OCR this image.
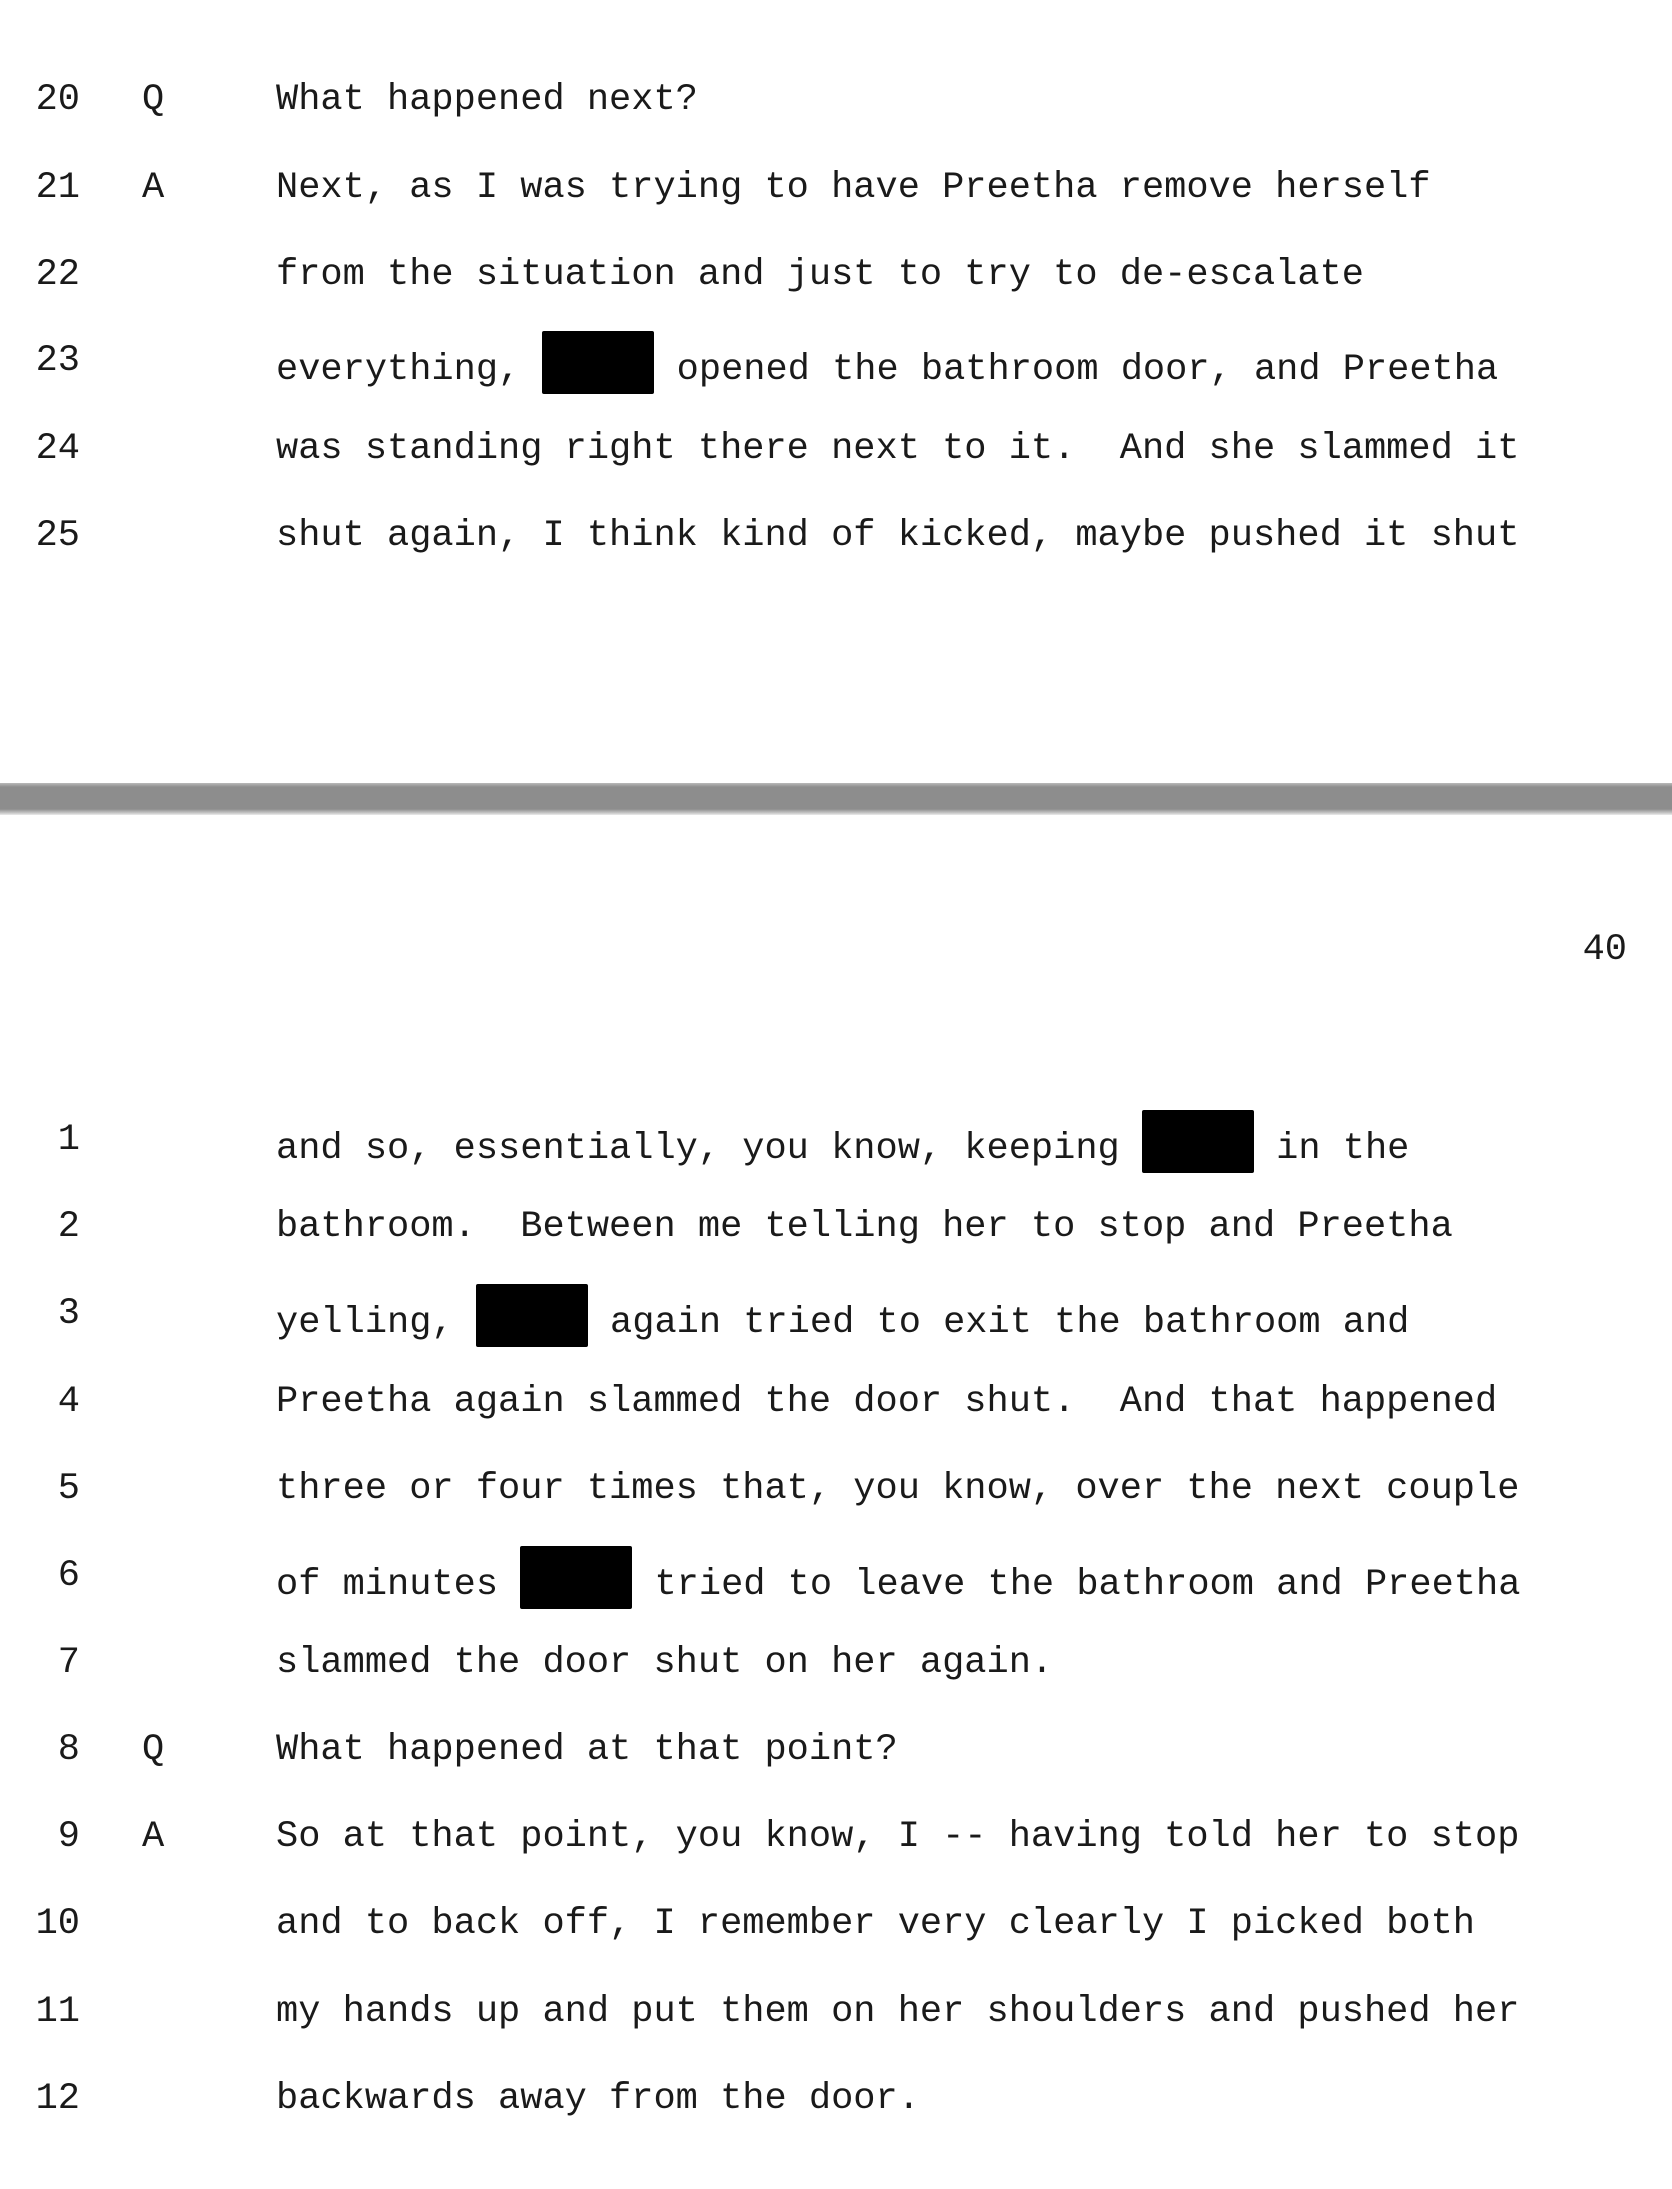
20 Q	What happened next?

21 A	Next, as I was trying to have Preetha remove herself

22	from the situation and just to try to de-escalate

23	everything,	opened the bathroom door, and Preetha

24	was standing right there next to it.  And she slammed it

25	shut again, I think kind of kicked, maybe pushed it shut

40

1	and so, essentially, you know, keeping	in the

2	bathroom.  Between me telling her to stop and Preetha

3	yelling,	again tried to exit the bathroom and

4	Preetha again slammed the door shut.  And that happened

5	three or four times that, you know, over the next couple

6	of minutes	tried to leave the bathroom and Preetha

7	slammed the door shut on her again.

8 Q	What happened at that point?

9 A	So at that point, you know, I -- having told her to stop

10	and to back off, I remember very clearly I picked both

11	my hands up and put them on her shoulders and pushed her

12	backwards away from the door.
